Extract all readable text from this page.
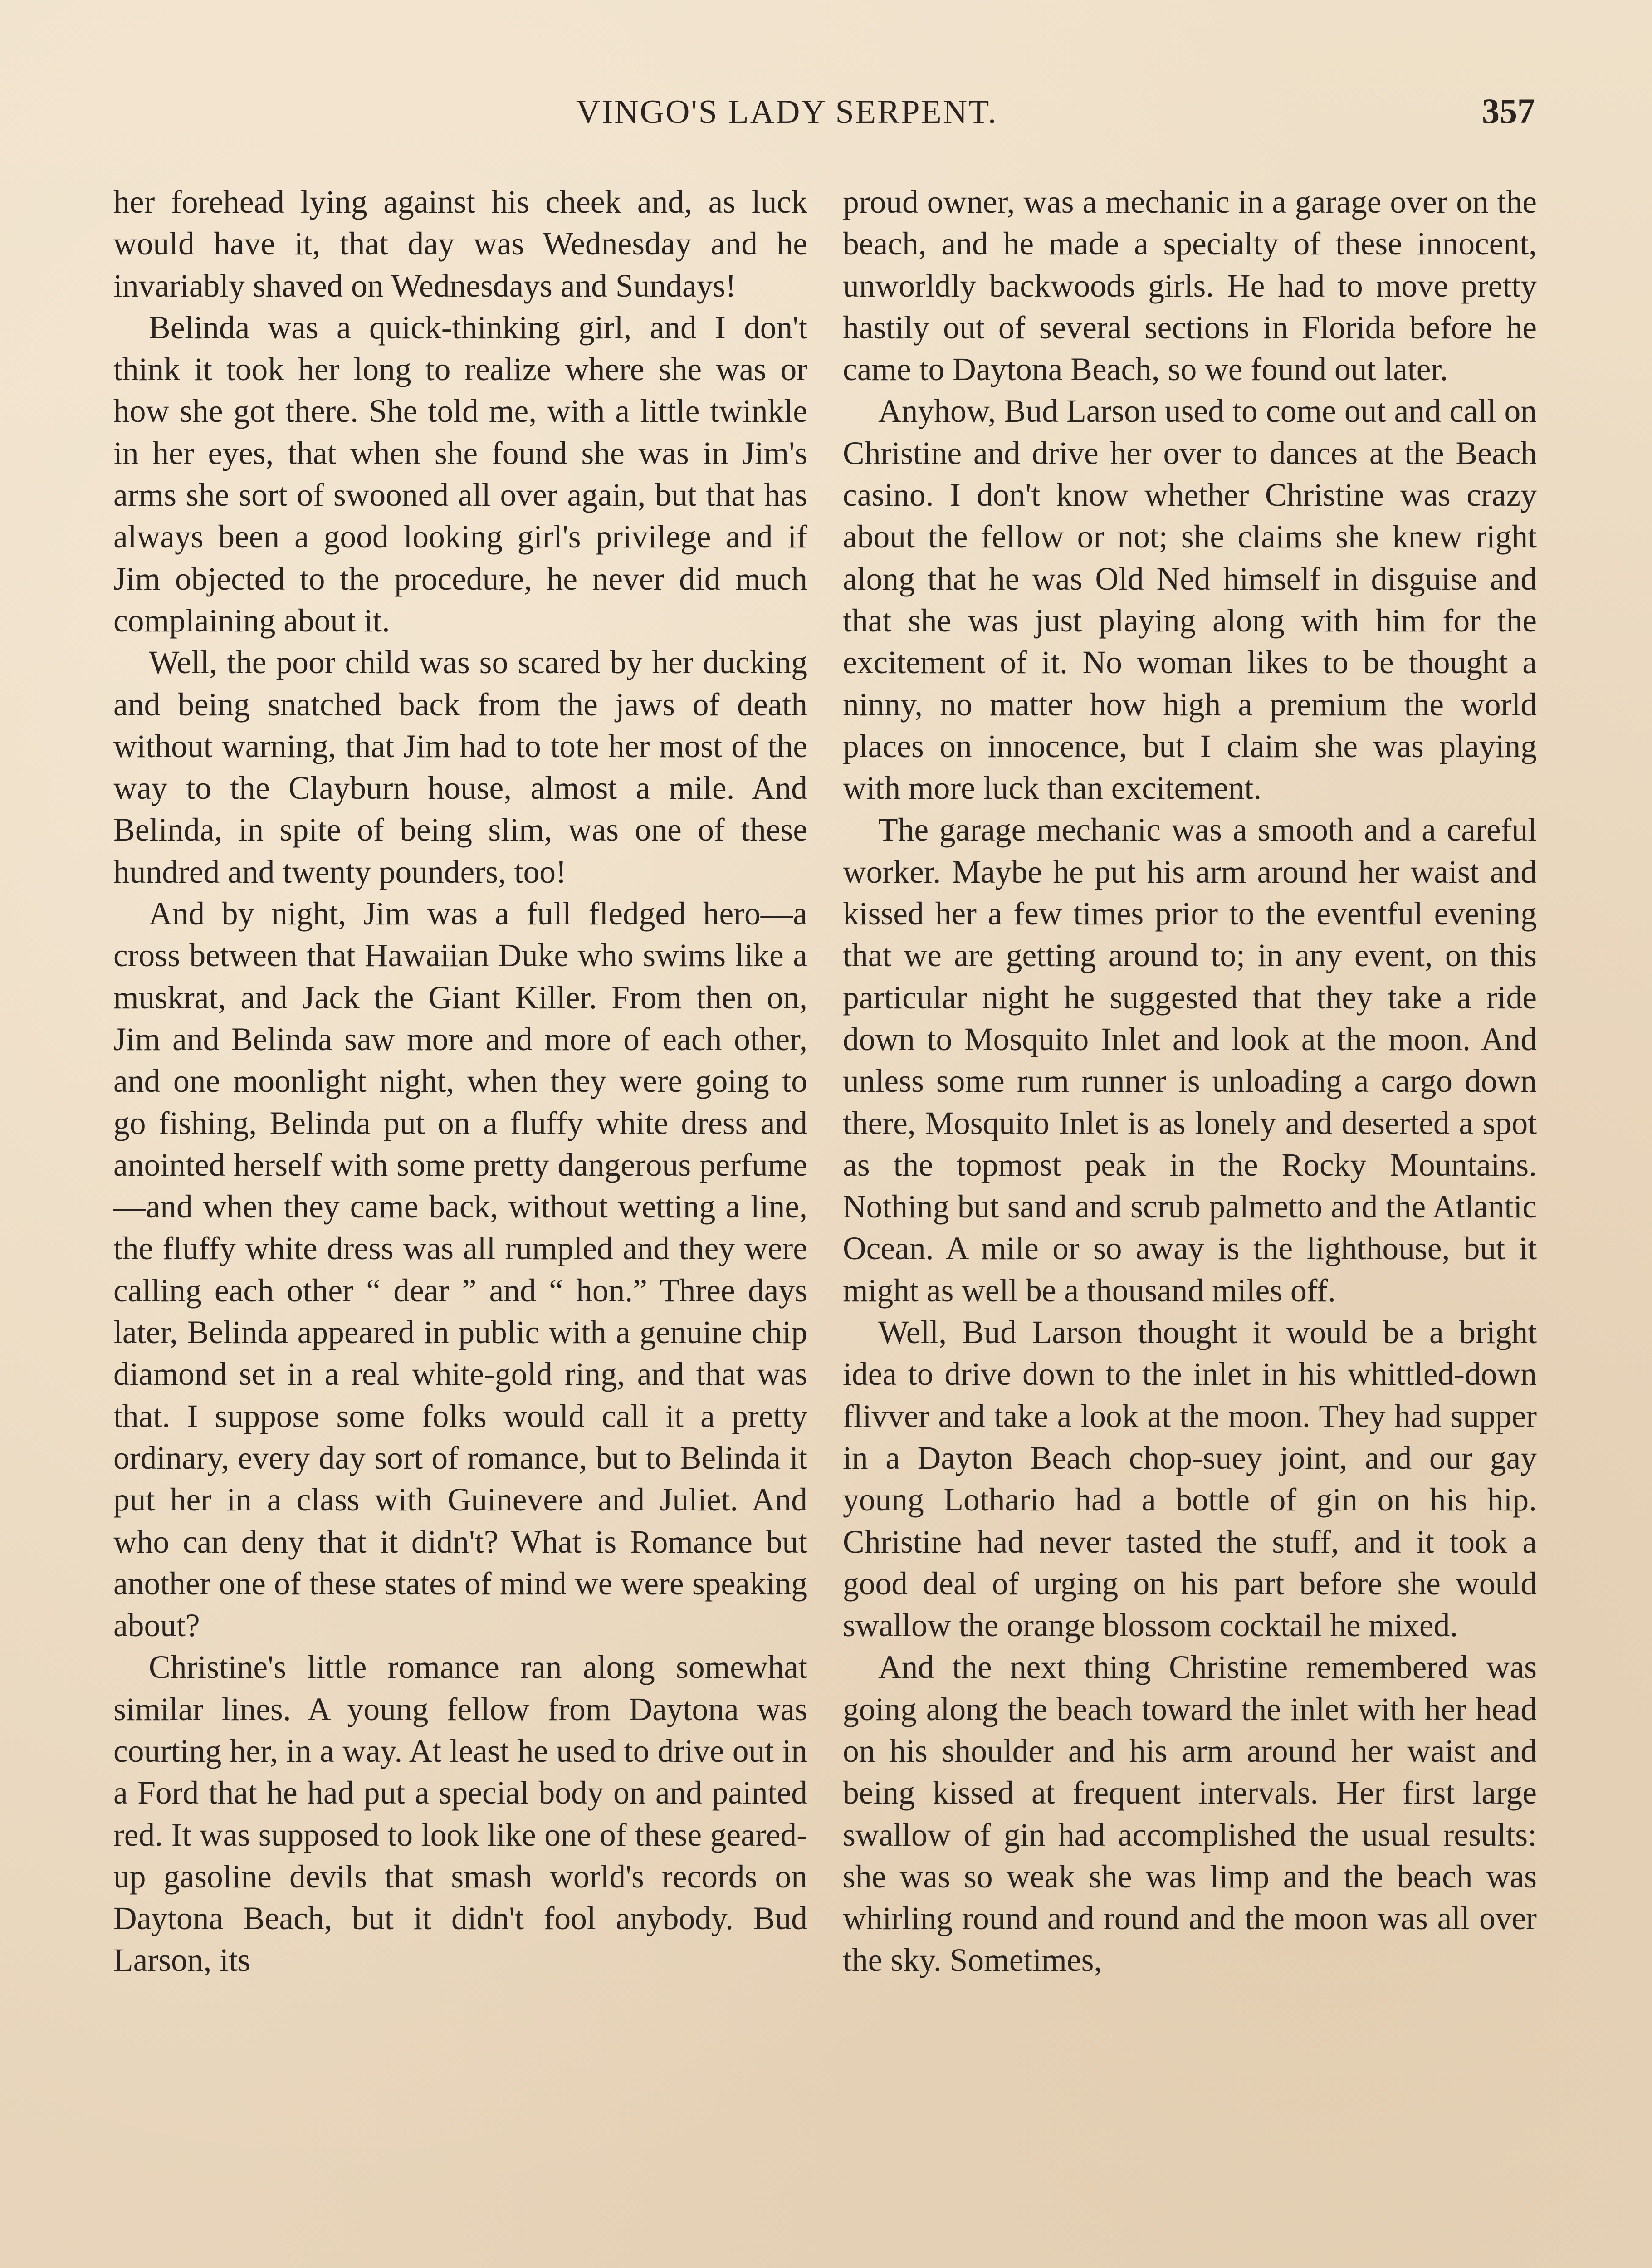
VINGO'S LADY SERPENT.	357

her forehead lying against his cheek and, as luck would have it, that day was Wednesday and he invariably shaved on Wednesdays and Sundays!

Belinda was a quick-thinking girl, and I don't think it took her long to realize where she was or how she got there. She told me, with a little twinkle in her eyes, that when she found she was in Jim's arms she sort of swooned all over again, but that has always been a good looking girl's privilege and if Jim objected to the procedure, he never did much complaining about it.

Well, the poor child was so scared by her ducking and being snatched back from the jaws of death without warning, that Jim had to tote her most of the way to the Clayburn house, almost a mile. And Belinda, in spite of being slim, was one of these hundred and twenty pounders, too!

And by night, Jim was a full fledged hero—a cross between that Hawaiian Duke who swims like a muskrat, and Jack the Giant Killer. From then on, Jim and Belinda saw more and more of each other, and one moonlight night, when they were going to go fishing, Belinda put on a fluffy white dress and anointed herself with some pretty dangerous perfume—and when they came back, without wetting a line, the fluffy white dress was all rumpled and they were calling each other “ dear ” and “ hon.” Three days later, Belinda appeared in public with a genuine chip diamond set in a real white-gold ring, and that was that. I suppose some folks would call it a pretty ordinary, every day sort of romance, but to Belinda it put her in a class with Guinevere and Juliet. And who can deny that it didn't? What is Romance but another one of these states of mind we were speaking about?

Christine's little romance ran along somewhat similar lines. A young fellow from Daytona was courting her, in a way. At least he used to drive out in a Ford that he had put a special body on and painted red. It was supposed to look like one of these geared-up gasoline devils that smash world's records on Daytona Beach, but it didn't fool anybody. Bud Larson, its

proud owner, was a mechanic in a garage over on the beach, and he made a specialty of these innocent, unworldly backwoods girls. He had to move pretty hastily out of several sections in Florida before he came to Daytona Beach, so we found out later.

Anyhow, Bud Larson used to come out and call on Christine and drive her over to dances at the Beach casino. I don't know whether Christine was crazy about the fellow or not; she claims she knew right along that he was Old Ned himself in disguise and that she was just playing along with him for the excitement of it. No woman likes to be thought a ninny, no matter how high a premium the world places on innocence, but I claim she was playing with more luck than excitement.

The garage mechanic was a smooth and a careful worker. Maybe he put his arm around her waist and kissed her a few times prior to the eventful evening that we are getting around to; in any event, on this particular night he suggested that they take a ride down to Mosquito Inlet and look at the moon. And unless some rum runner is unloading a cargo down there, Mosquito Inlet is as lonely and deserted a spot as the topmost peak in the Rocky Mountains. Nothing but sand and scrub palmetto and the Atlantic Ocean. A mile or so away is the lighthouse, but it might as well be a thousand miles off.

Well, Bud Larson thought it would be a bright idea to drive down to the inlet in his whittled-down flivver and take a look at the moon. They had supper in a Dayton Beach chop-suey joint, and our gay young Lothario had a bottle of gin on his hip. Christine had never tasted the stuff, and it took a good deal of urging on his part before she would swallow the orange blossom cocktail he mixed.

And the next thing Christine remembered was going along the beach toward the inlet with her head on his shoulder and his arm around her waist and being kissed at frequent intervals. Her first large swallow of gin had accomplished the usual results: she was so weak she was limp and the beach was whirling round and round and the moon was all over the sky. Sometimes,
